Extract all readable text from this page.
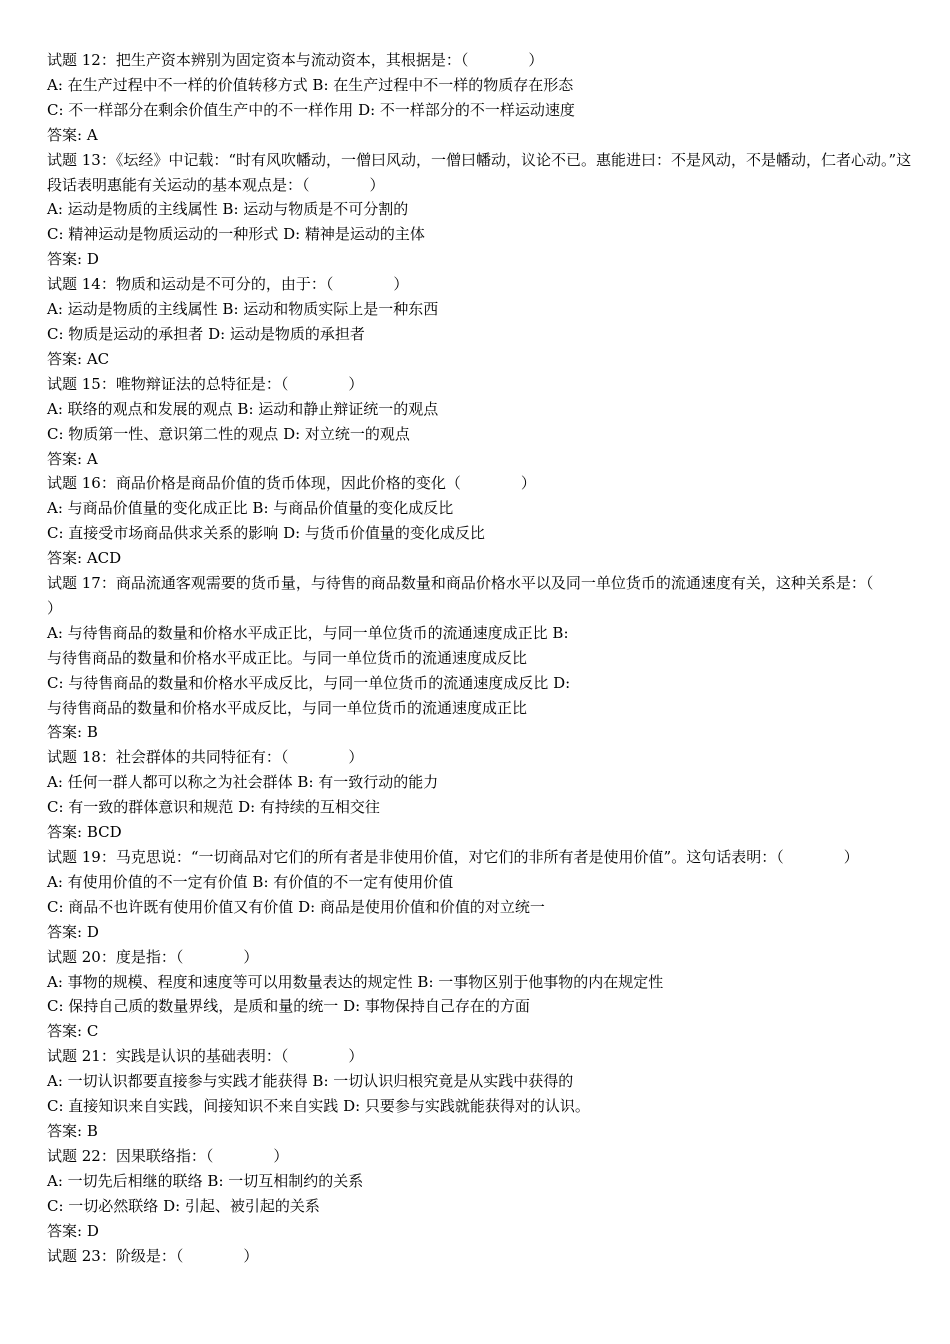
试题 12：把生产资本辨别为固定资本与流动资本，其根据是：（　　　　）

A: 在生产过程中不一样的价值转移方式 B: 在生产过程中不一样的物质存在形态

C: 不一样部分在剩余价值生产中的不一样作用 D: 不一样部分的不一样运动速度

答案: A

试题 13：《坛经》中记载：“时有风吹幡动，一僧曰风动，一僧曰幡动，议论不已。惠能进曰：不是风动，不是幡动，仁者心动。”这段话表明惠能有关运动的基本观点是：（　　　　）

A: 运动是物质的主线属性 B: 运动与物质是不可分割的

C: 精神运动是物质运动的一种形式 D: 精神是运动的主体

答案: D

试题 14：物质和运动是不可分的，由于：（　　　　）

A: 运动是物质的主线属性 B: 运动和物质实际上是一种东西

C: 物质是运动的承担者 D: 运动是物质的承担者

答案: AC

试题 15：唯物辩证法的总特征是：（　　　　）

A: 联络的观点和发展的观点 B: 运动和静止辩证统一的观点

C: 物质第一性、意识第二性的观点 D: 对立统一的观点

答案: A

试题 16：商品价格是商品价值的货币体现，因此价格的变化（　　　　）

A: 与商品价值量的变化成正比 B: 与商品价值量的变化成反比

C: 直接受市场商品供求关系的影响 D: 与货币价值量的变化成反比

答案: ACD

试题 17：商品流通客观需要的货币量，与待售的商品数量和商品价格水平以及同一单位货币的流通速度有关，这种关系是：（　　　　）

A: 与待售商品的数量和价格水平成正比，与同一单位货币的流通速度成正比 B:

与待售商品的数量和价格水平成正比。与同一单位货币的流通速度成反比

C: 与待售商品的数量和价格水平成反比，与同一单位货币的流通速度成反比 D:

与待售商品的数量和价格水平成反比，与同一单位货币的流通速度成正比

答案: B

试题 18：社会群体的共同特征有：（　　　　）

A: 任何一群人都可以称之为社会群体 B: 有一致行动的能力

C: 有一致的群体意识和规范 D: 有持续的互相交往

答案: BCD

试题 19：马克思说：“一切商品对它们的所有者是非使用价值，对它们的非所有者是使用价值”。这句话表明：（　　　　）

A: 有使用价值的不一定有价值 B: 有价值的不一定有使用价值

C: 商品不也许既有使用价值又有价值 D: 商品是使用价值和价值的对立统一

答案: D

试题 20：度是指：（　　　　）

A: 事物的规模、程度和速度等可以用数量表达的规定性 B: 一事物区别于他事物的内在规定性

C: 保持自己质的数量界线，是质和量的统一 D: 事物保持自己存在的方面

答案: C

试题 21：实践是认识的基础表明：（　　　　）

A: 一切认识都要直接参与实践才能获得 B: 一切认识归根究竟是从实践中获得的

C: 直接知识来自实践，间接知识不来自实践 D: 只要参与实践就能获得对的认识。

答案: B

试题 22：因果联络指：（　　　　）

A: 一切先后相继的联络 B: 一切互相制约的关系

C: 一切必然联络 D: 引起、被引起的关系

答案: D

试题 23：阶级是：（　　　　）
